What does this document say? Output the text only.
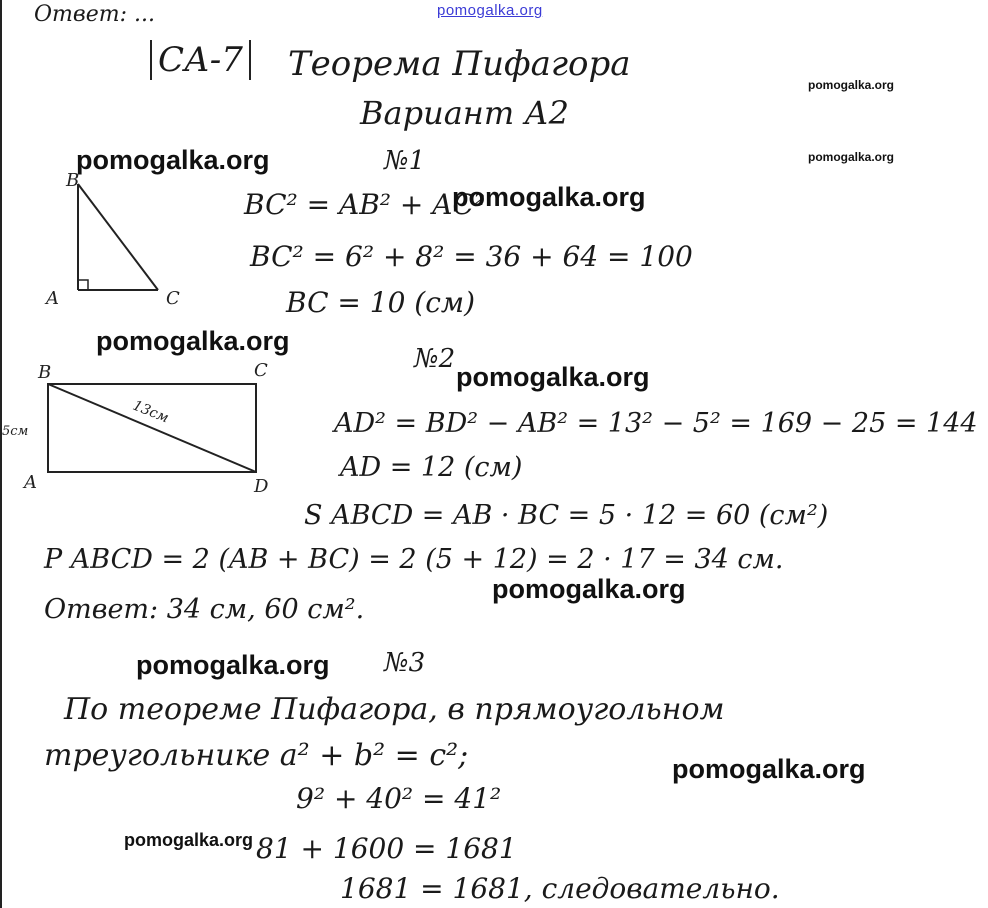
pomogalka.org
Ответ: ...
СА-7 Теорема Пифагора
Вариант А2
№1
B
A	C
BC² = AB² + AC²
BC² = 6² + 8² = 36 + 64 = 100
BC = 10 (см)
№2
B	C
A	D
13см
5см	AD² = BD² − AB² = 13² − 5² = 169 − 25 = 144
AD = 12 (см)
S ABCD = AB · BC = 5 · 12 = 60 (см²)
P ABCD = 2 (AB + BC) = 2 (5 + 12) = 2 · 17 = 34 см.
Ответ: 34 см, 60 см².
№3
По теореме Пифагора, в прямоугольном
треугольнике a² + b² = c²;
9² + 40² = 41²
81 + 1600 = 1681
1681 = 1681, следовательно.
pomogalka.org
pomogalka.org
pomogalka.org
pomogalka.org
pomogalka.org
pomogalka.org
pomogalka.org
pomogalka.org
pomogalka.org
pomogalka.org
